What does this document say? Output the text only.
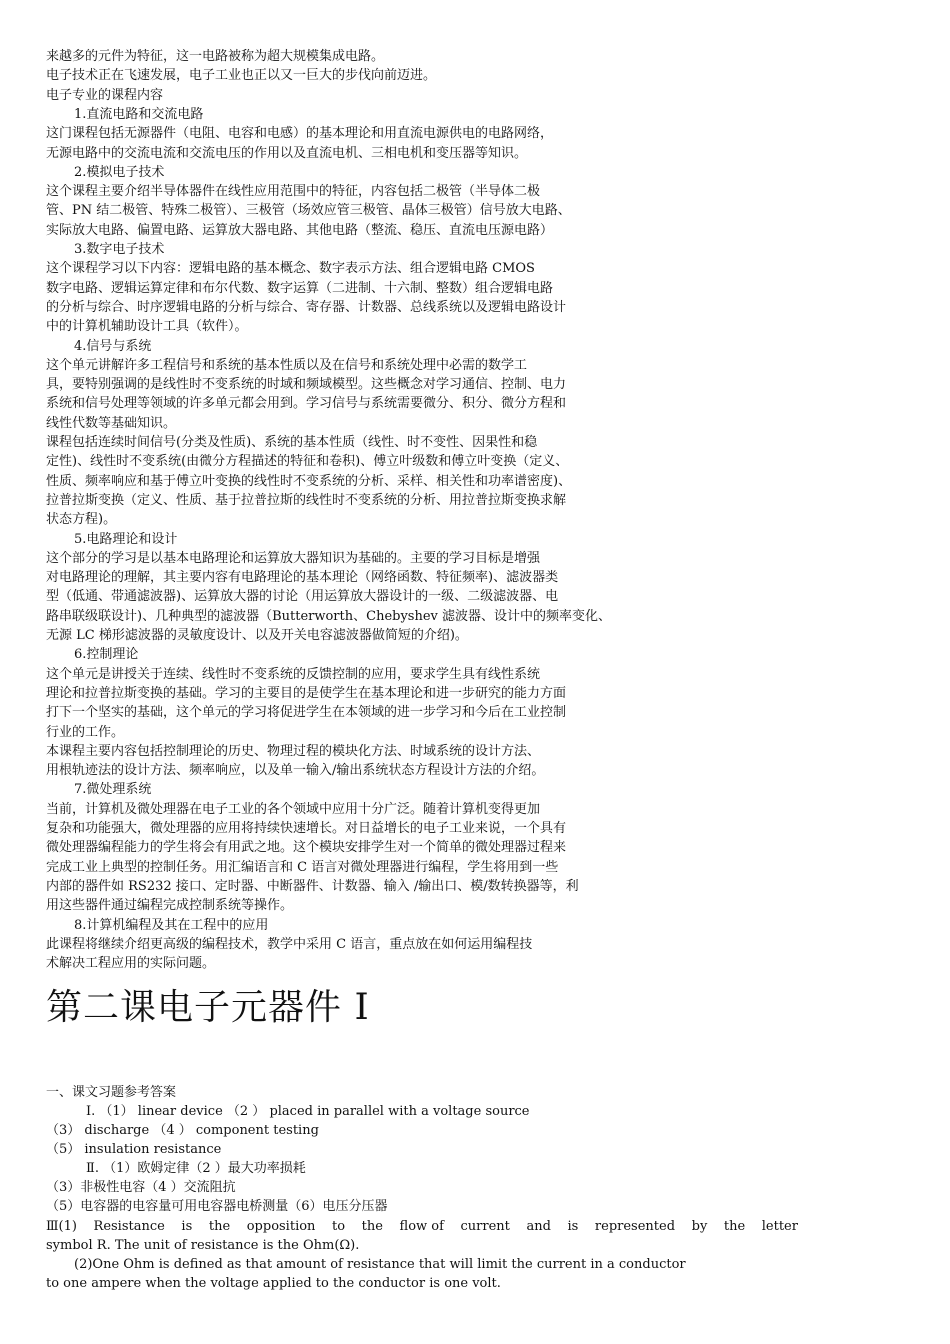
来越多的元件为特征，这一电路被称为超大规模集成电路。
电子技术正在飞速发展，电子工业也正以又一巨大的步伐向前迈进。
电子专业的课程内容
1.直流电路和交流电路
这门课程包括无源器件（电阻、电容和电感）的基本理论和用直流电源供电的电路网络，
无源电路中的交流电流和交流电压的作用以及直流电机、三相电机和变压器等知识。
2.模拟电子技术
这个课程主要介绍半导体器件在线性应用范围中的特征，内容包括二极管（半导体二极
管、PN 结二极管、特殊二极管）、三极管（场效应管三极管、晶体三极管）信号放大电路、
实际放大电路、偏置电路、运算放大器电路、其他电路（整流、稳压、直流电压源电路）
3.数字电子技术
这个课程学习以下内容：逻辑电路的基本概念、数字表示方法、组合逻辑电路 CMOS
数字电路、逻辑运算定律和布尔代数、数字运算（二进制、十六制、整数）组合逻辑电路
的分析与综合、时序逻辑电路的分析与综合、寄存器、计数器、总线系统以及逻辑电路设计
中的计算机辅助设计工具（软件）。
4.信号与系统
这个单元讲解许多工程信号和系统的基本性质以及在信号和系统处理中必需的数学工
具，要特别强调的是线性时不变系统的时域和频域模型。这些概念对学习通信、控制、电力
系统和信号处理等领域的许多单元都会用到。学习信号与系统需要微分、积分、微分方程和
线性代数等基础知识。
课程包括连续时间信号(分类及性质)、系统的基本性质（线性、时不变性、因果性和稳
定性)、线性时不变系统(由微分方程描述的特征和卷积)、傅立叶级数和傅立叶变换（定义、
性质、频率响应和基于傅立叶变换的线性时不变系统的分析、采样、相关性和功率谱密度)、
拉普拉斯变换（定义、性质、基于拉普拉斯的线性时不变系统的分析、用拉普拉斯变换求解
状态方程)。
5.电路理论和设计
这个部分的学习是以基本电路理论和运算放大器知识为基础的。主要的学习目标是增强
对电路理论的理解，其主要内容有电路理论的基本理论（网络函数、特征频率)、滤波器类
型（低通、带通滤波器)、运算放大器的讨论（用运算放大器设计的一级、二级滤波器、电
路串联级联设计)、几种典型的滤波器（Butterworth、Chebyshev 滤波器、设计中的频率变化、
无源 LC 梯形滤波器的灵敏度设计、以及开关电容滤波器做简短的介绍)。
6.控制理论
这个单元是讲授关于连续、线性时不变系统的反馈控制的应用，要求学生具有线性系统
理论和拉普拉斯变换的基础。学习的主要目的是使学生在基本理论和进一步研究的能力方面
打下一个坚实的基础，这个单元的学习将促进学生在本领域的进一步学习和今后在工业控制
行业的工作。
本课程主要内容包括控制理论的历史、物理过程的模块化方法、时域系统的设计方法、
用根轨迹法的设计方法、频率响应，以及单一输入/输出系统状态方程设计方法的介绍。
7.微处理系统
当前，计算机及微处理器在电子工业的各个领域中应用十分广泛。随着计算机变得更加
复杂和功能强大，微处理器的应用将持续快速增长。对日益增长的电子工业来说，一个具有
微处理器编程能力的学生将会有用武之地。这个模块安排学生对一个简单的微处理器过程来
完成工业上典型的控制任务。用汇编语言和 C 语言对微处理器进行编程，学生将用到一些
内部的器件如 RS232 接口、定时器、中断器件、计数器、输入 /输出口、模/数转换器等，利
用这些器件通过编程完成控制系统等操作。
8.计算机编程及其在工程中的应用
此课程将继续介绍更高级的编程技术，教学中采用 C 语言，重点放在如何运用编程技
术解决工程应用的实际问题。
第二课电子元器件 I
一、课文习题参考答案
Ⅰ. （1） linear device （2 ） placed in parallel with a voltage source
（3） discharge （4 ） component testing
（5） insulation resistance
Ⅱ. （1）欧姆定律（2 ）最大功率损耗
（3）非极性电容（4 ）交流阻抗
（5）电容器的电容量可用电容器电桥测量（6）电压分压器
Ⅲ(1) Resistance is the opposition to the flow of current and is represented by the letter
symbol R. The unit of resistance is the Ohm(Ω).
(2)One Ohm is defined as that amount of resistance that will limit the current in a conductor
to one ampere when the voltage applied to the conductor is one volt.
